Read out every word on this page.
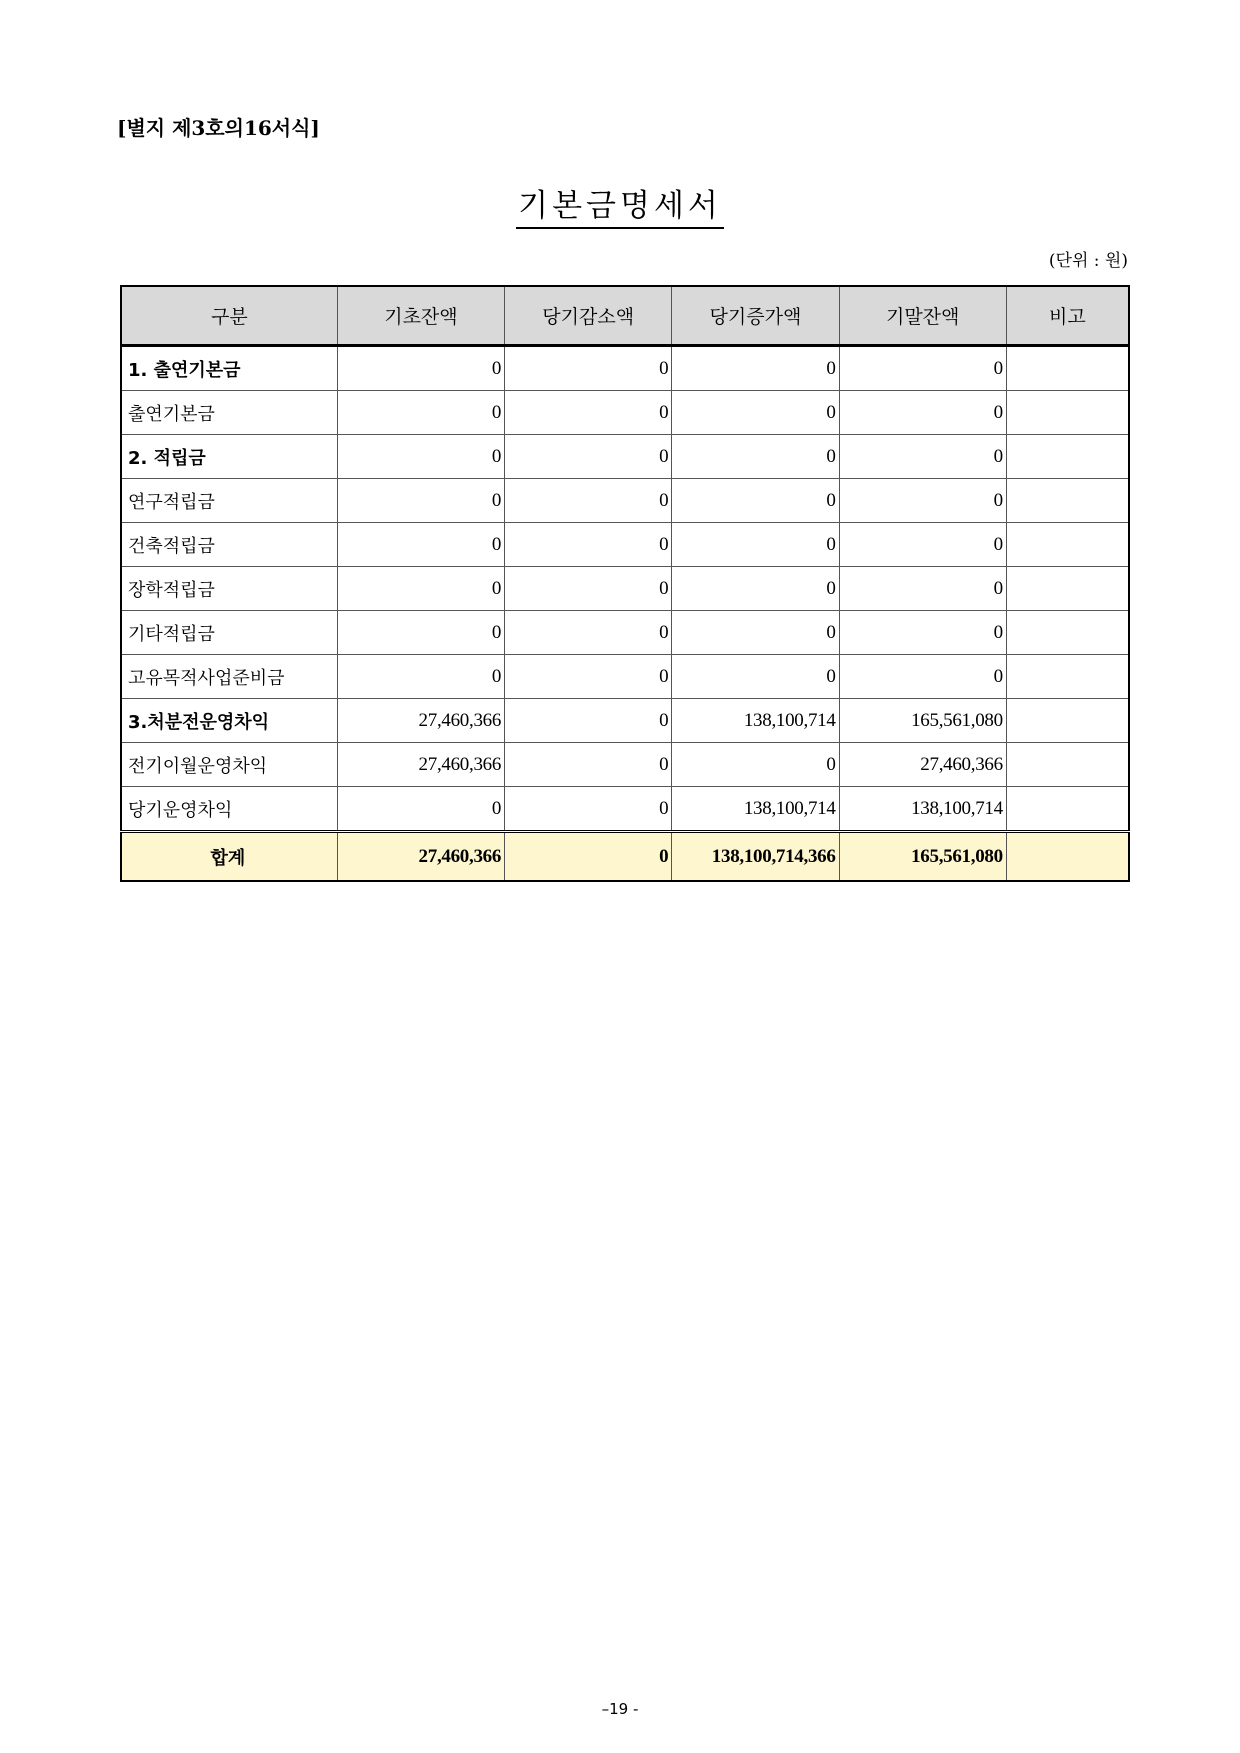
[별지 제3호의16서식]
기본금명세서
(단위 : 원)
구분	기초잔액	당기감소액	당기증가액	기말잔액	비고
1. 출연기본금	0	0	0	0	
출연기본금	0	0	0	0	
2. 적립금	0	0	0	0	
연구적립금	0	0	0	0	
건축적립금	0	0	0	0	
장학적립금	0	0	0	0	
기타적립금	0	0	0	0	
고유목적사업준비금	0	0	0	0	
3.처분전운영차익	27,460,366	0	138,100,714	165,561,080	
전기이월운영차익	27,460,366	0	0	27,460,366	
당기운영차익	0	0	138,100,714	138,100,714	
합계	27,460,366	0	138,100,714,366	165,561,080	
–19 -
